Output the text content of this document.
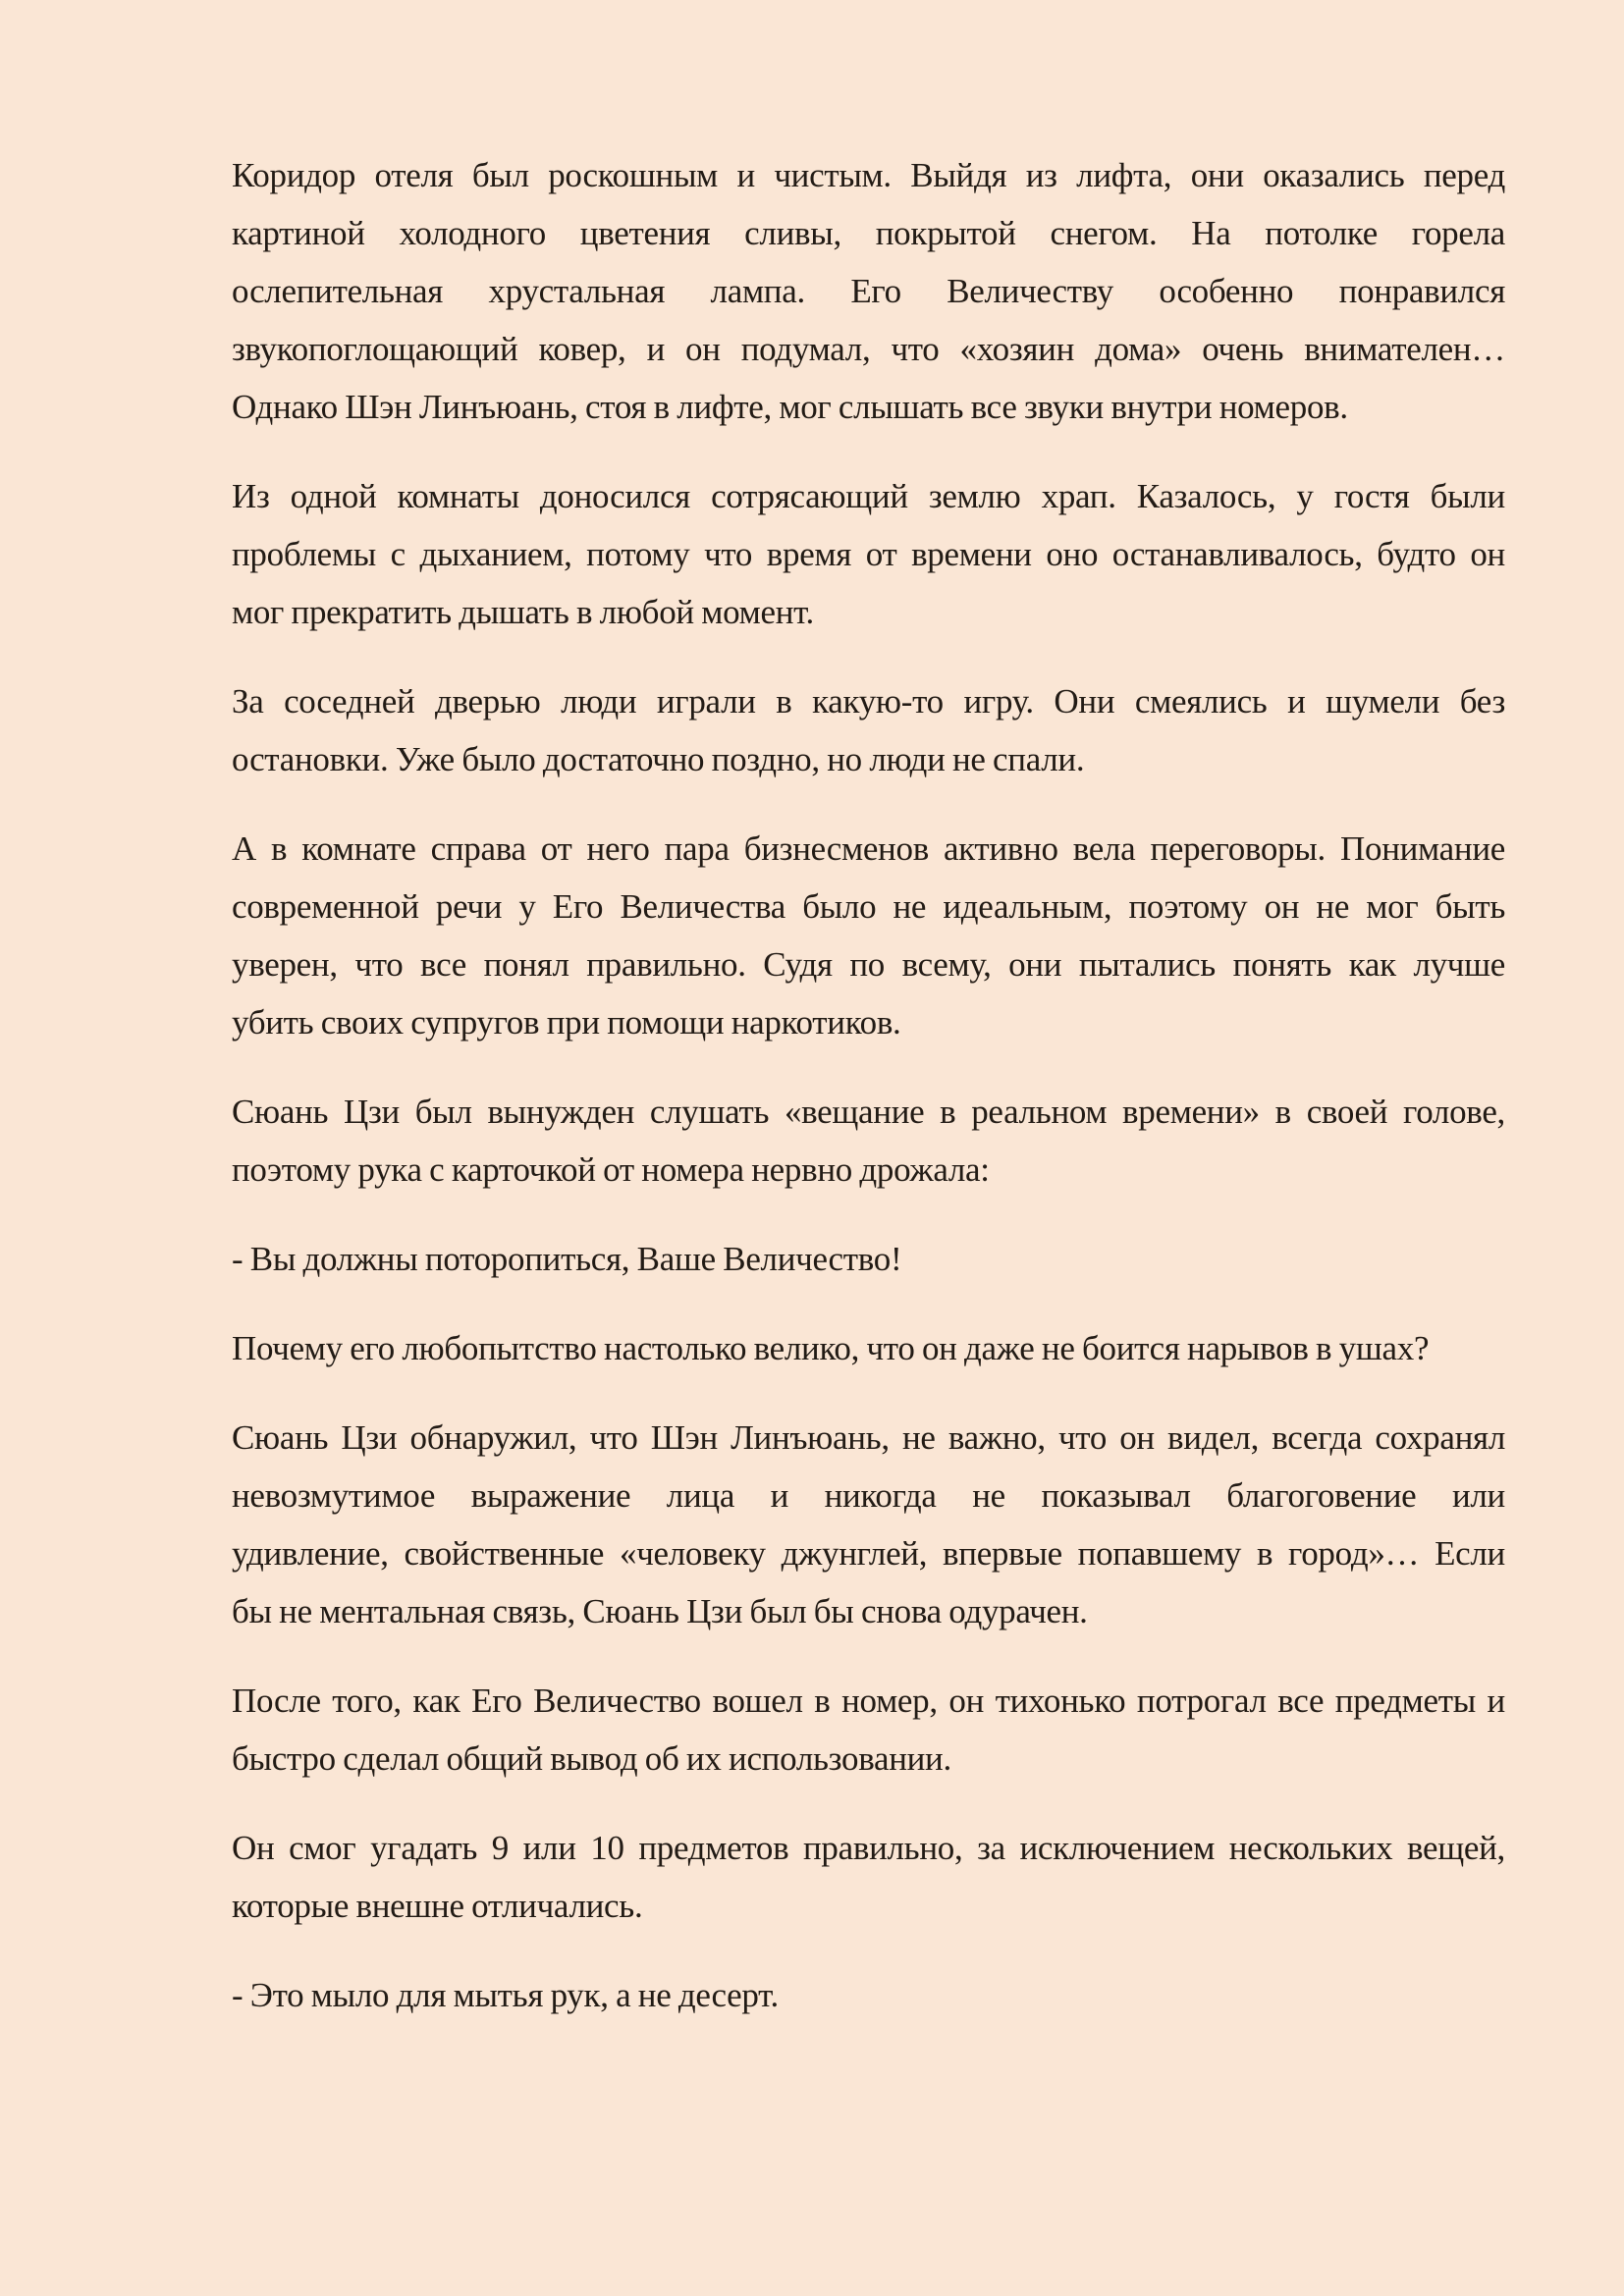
Коридор отеля был роскошным и чистым. Выйдя из лифта, они оказались перед
картиной холодного цветения сливы, покрытой снегом. На потолке горела
ослепительная хрустальная лампа. Его Величеству особенно понравился
звукопоглощающий ковер, и он подумал, что «хозяин дома» очень внимателен…
Однако Шэн Линъюань, стоя в лифте, мог слышать все звуки внутри номеров.
Из одной комнаты доносился сотрясающий землю храп. Казалось, у гостя были
проблемы с дыханием, потому что время от времени оно останавливалось, будто он
мог прекратить дышать в любой момент.
За соседней дверью люди играли в какую-то игру. Они смеялись и шумели без
остановки. Уже было достаточно поздно, но люди не спали.
А в комнате справа от него пара бизнесменов активно вела переговоры. Понимание
современной речи у Его Величества было не идеальным, поэтому он не мог быть
уверен, что все понял правильно. Судя по всему, они пытались понять как лучше
убить своих супругов при помощи наркотиков.
Сюань Цзи был вынужден слушать «вещание в реальном времени» в своей голове,
поэтому рука с карточкой от номера нервно дрожала:
- Вы должны поторопиться, Ваше Величество!
Почему его любопытство настолько велико, что он даже не боится нарывов в ушах?
Сюань Цзи обнаружил, что Шэн Линъюань, не важно, что он видел, всегда сохранял
невозмутимое выражение лица и никогда не показывал благоговение или
удивление, свойственные «человеку джунглей, впервые попавшему в город»… Если
бы не ментальная связь, Сюань Цзи был бы снова одурачен.
После того, как Его Величество вошел в номер, он тихонько потрогал все предметы и
быстро сделал общий вывод об их использовании.
Он смог угадать 9 или 10 предметов правильно, за исключением нескольких вещей,
которые внешне отличались.
- Это мыло для мытья рук, а не десерт.
